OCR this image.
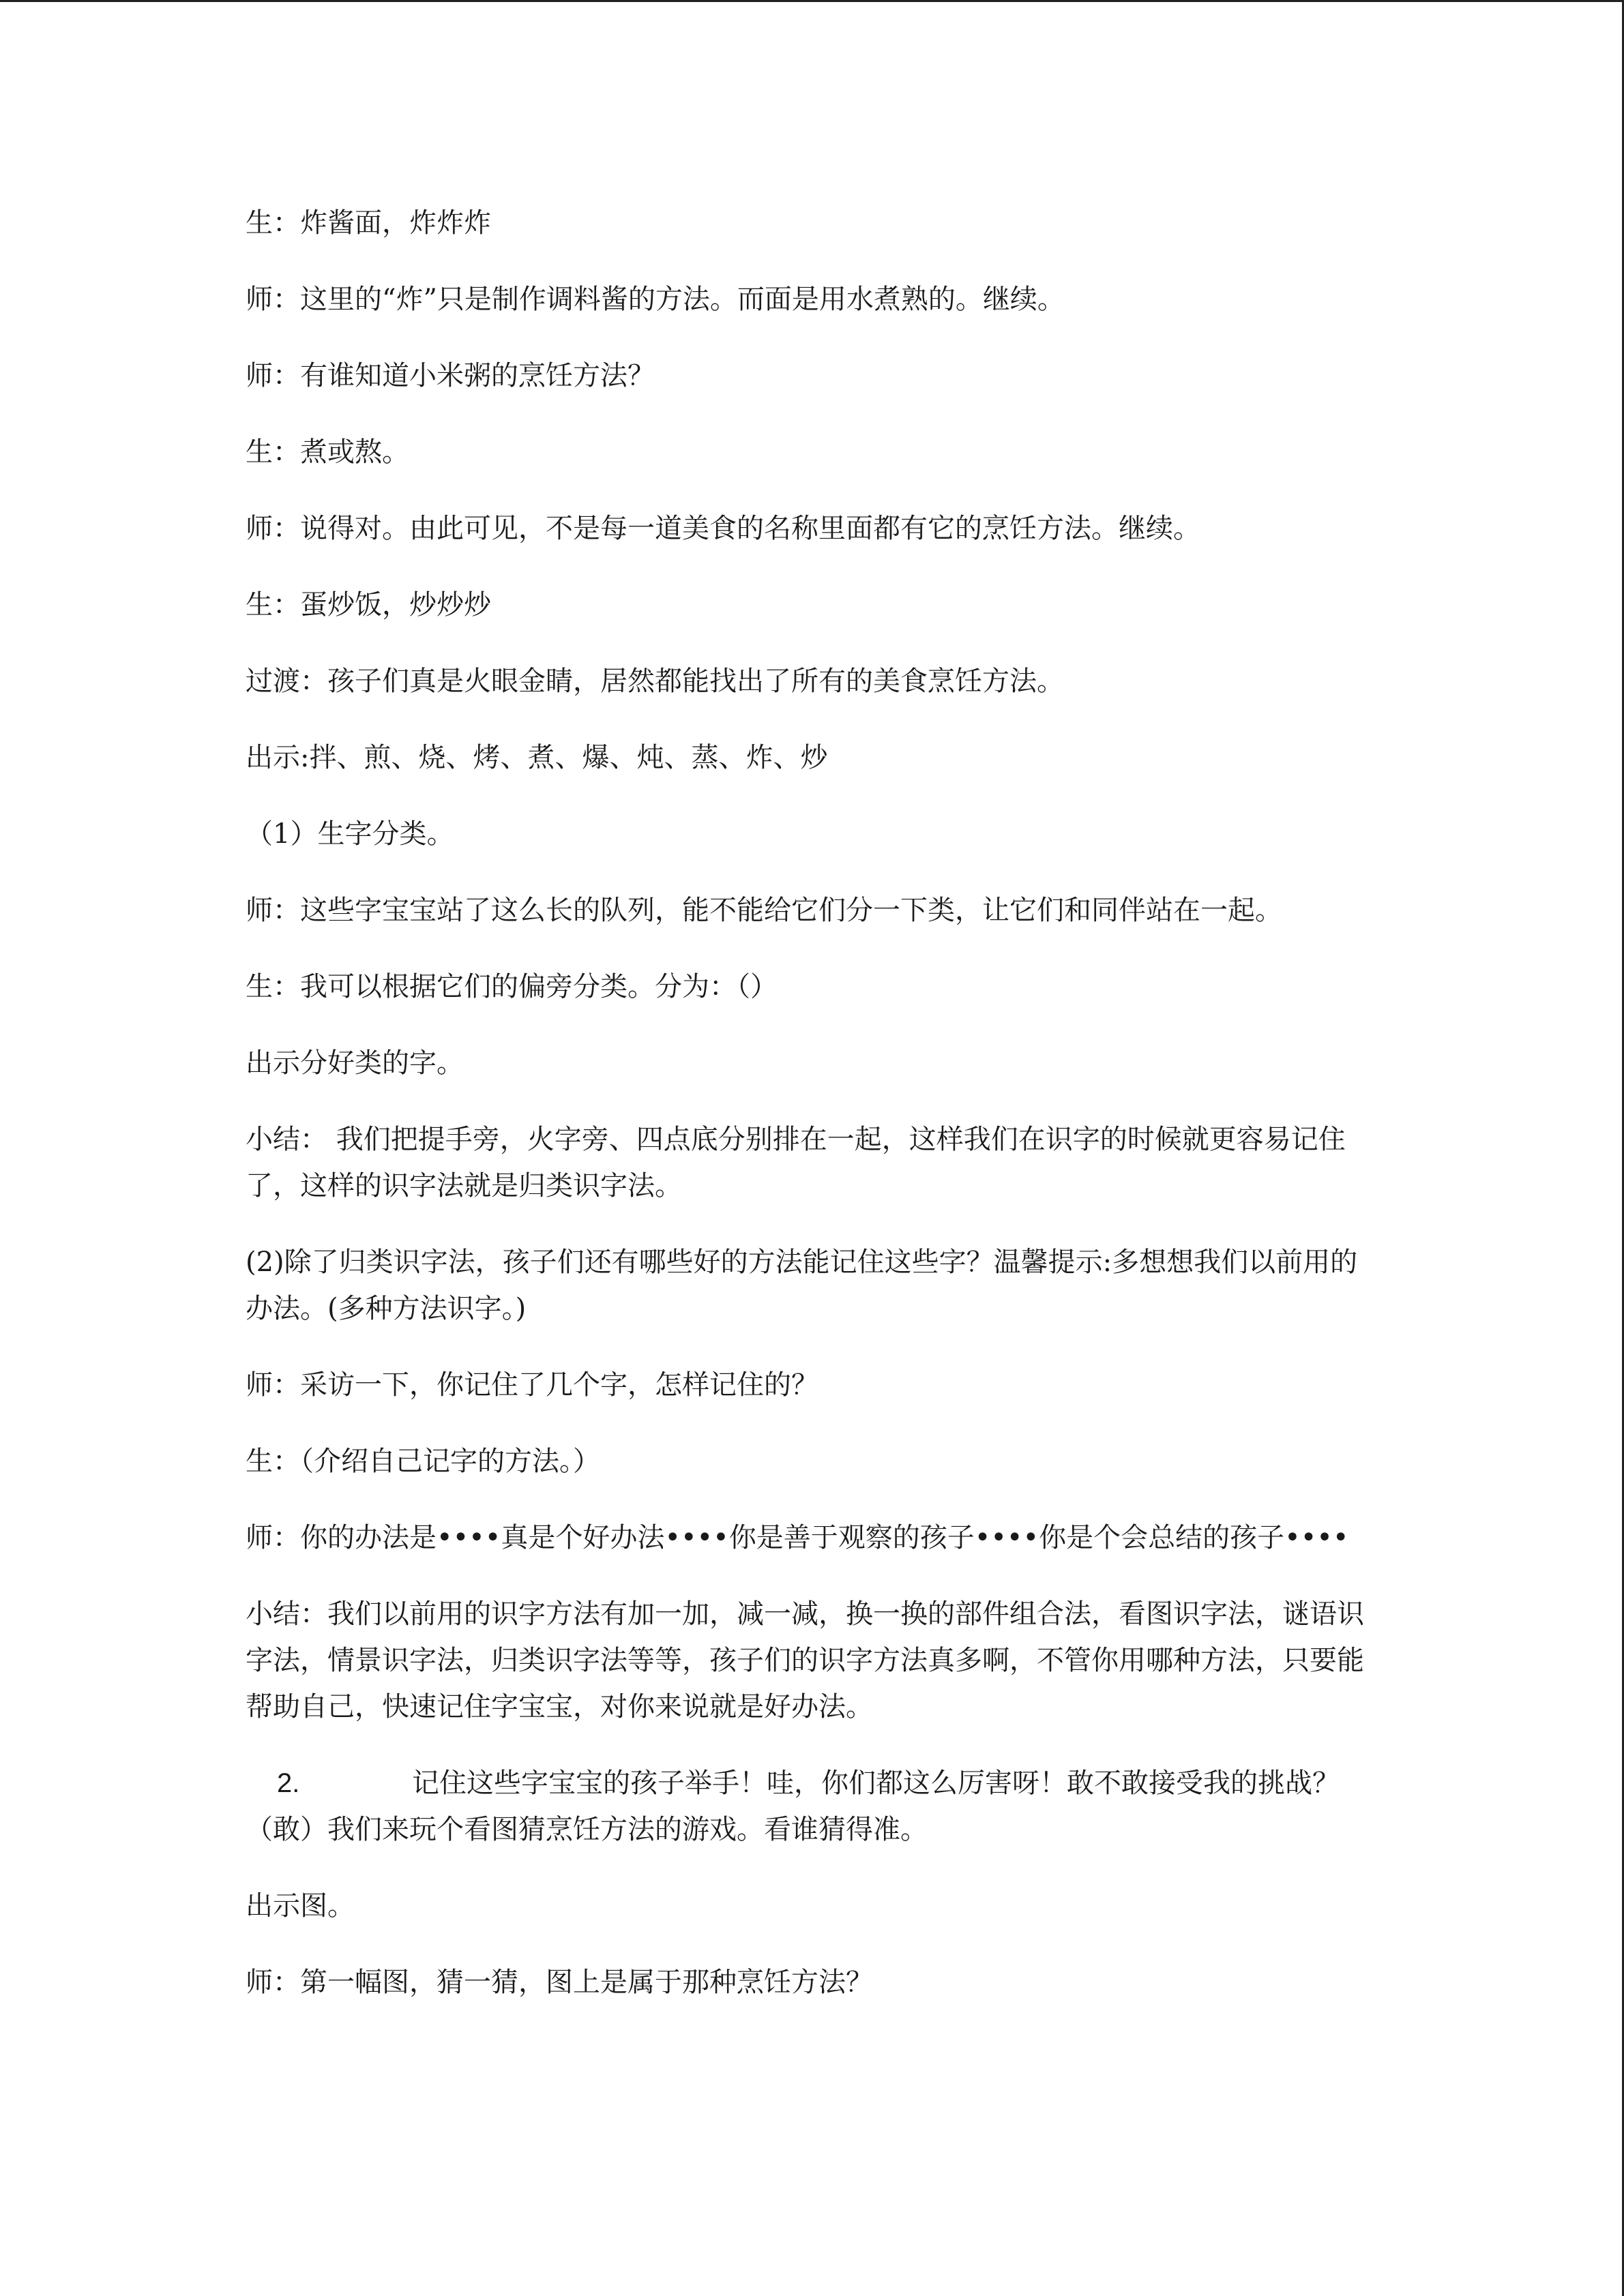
生：炸酱面，炸炸炸

师：这里的“炸”只是制作调料酱的方法。而面是用水煮熟的。继续。

师：有谁知道小米粥的烹饪方法？

生：煮或熬。

师：说得对。由此可见，不是每一道美食的名称里面都有它的烹饪方法。继续。

生：蛋炒饭，炒炒炒

过渡：孩子们真是火眼金睛，居然都能找出了所有的美食烹饪方法。

出示:拌、煎、烧、烤、煮、爆、炖、蒸、炸、炒

（1）生字分类。

师：这些字宝宝站了这么长的队列，能不能给它们分一下类，让它们和同伴站在一起。

生：我可以根据它们的偏旁分类。分为：（）

出示分好类的字。

小结： 我们把提手旁，火字旁、四点底分别排在一起，这样我们在识字的时候就更容易记住了，这样的识字法就是归类识字法。

(2)除了归类识字法，孩子们还有哪些好的方法能记住这些字？温馨提示:多想想我们以前用的办法。(多种方法识字。)

师：采访一下，你记住了几个字，怎样记住的？

生：（介绍自己记字的方法。）

师：你的办法是••••真是个好办法••••你是善于观察的孩子••••你是个会总结的孩子••••

小结：我们以前用的识字方法有加一加，减一减，换一换的部件组合法，看图识字法，谜语识字法，情景识字法，归类识字法等等，孩子们的识字方法真多啊，不管你用哪种方法，只要能帮助自己，快速记住字宝宝，对你来说就是好办法。

2.	记住这些字宝宝的孩子举手！哇，你们都这么厉害呀！敢不敢接受我的挑战？（敢）我们来玩个看图猜烹饪方法的游戏。看谁猜得准。

出示图。

师：第一幅图，猜一猜，图上是属于那种烹饪方法？
